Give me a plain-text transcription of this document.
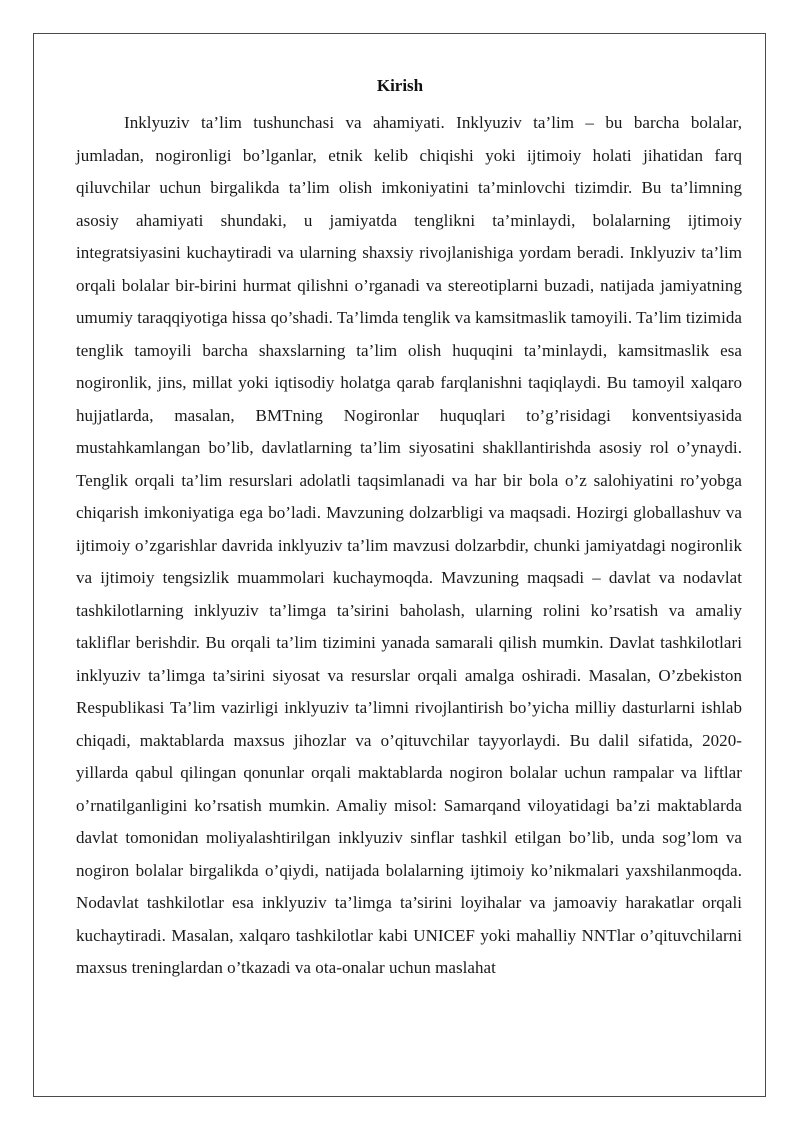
Kirish

Inklyuziv ta’lim tushunchasi va ahamiyati. Inklyuziv ta’lim – bu barcha bolalar, jumladan, nogironligi bo’lganlar, etnik kelib chiqishi yoki ijtimoiy holati jihatidan farq qiluvchilar uchun birgalikda ta’lim olish imkoniyatini ta’minlovchi tizimdir. Bu ta’limning asosiy ahamiyati shundaki, u jamiyatda tenglikni ta’minlaydi, bolalarning ijtimoiy integratsiyasini kuchaytiradi va ularning shaxsiy rivojlanishiga yordam beradi. Inklyuziv ta’lim orqali bolalar bir-birini hurmat qilishni o’rganadi va stereotiplarni buzadi, natijada jamiyatning umumiy taraqqiyotiga hissa qo’shadi. Ta’limda tenglik va kamsitmaslik tamoyili. Ta’lim tizimida tenglik tamoyili barcha shaxslarning ta’lim olish huquqini ta’minlaydi, kamsitmaslik esa nogironlik, jins, millat yoki iqtisodiy holatga qarab farqlanishni taqiqlaydi. Bu tamoyil xalqaro hujjatlarda, masalan, BMTning Nogironlar huquqlari to’g’risidagi konventsiyasida mustahkamlangan bo’lib, davlatlarning ta’lim siyosatini shakllantirishda asosiy rol o’ynaydi. Tenglik orqali ta’lim resurslari adolatli taqsimlanadi va har bir bola o’z salohiyatini ro’yobga chiqarish imkoniyatiga ega bo’ladi. Mavzuning dolzarbligi va maqsadi. Hozirgi globallashuv va ijtimoiy o’zgarishlar davrida inklyuziv ta’lim mavzusi dolzarbdir, chunki jamiyatdagi nogironlik va ijtimoiy tengsizlik muammolari kuchaymoqda. Mavzuning maqsadi – davlat va nodavlat tashkilotlarning inklyuziv ta’limga ta’sirini baholash, ularning rolini ko’rsatish va amaliy takliflar berishdir. Bu orqali ta’lim tizimini yanada samarali qilish mumkin. Davlat tashkilotlari inklyuziv ta’limga ta’sirini siyosat va resurslar orqali amalga oshiradi. Masalan, O’zbekiston Respublikasi Ta’lim vazirligi inklyuziv ta’limni rivojlantirish bo’yicha milliy dasturlarni ishlab chiqadi, maktablarda maxsus jihozlar va o’qituvchilar tayyorlaydi. Bu dalil sifatida, 2020-yillarda qabul qilingan qonunlar orqali maktablarda nogiron bolalar uchun rampalar va liftlar o’rnatilganligini ko’rsatish mumkin. Amaliy misol: Samarqand viloyatidagi ba’zi maktablarda davlat tomonidan moliyalashtirilgan inklyuziv sinflar tashkil etilgan bo’lib, unda sog’lom va nogiron bolalar birgalikda o’qiydi, natijada bolalarning ijtimoiy ko’nikmalari yaxshilanmoqda. Nodavlat tashkilotlar esa inklyuziv ta’limga ta’sirini loyihalar va jamoaviy harakatlar orqali kuchaytiradi. Masalan, xalqaro tashkilotlar kabi UNICEF yoki mahalliy NNTlar o’qituvchilarni maxsus treninglardan o’tkazadi va ota-onalar uchun maslahat
